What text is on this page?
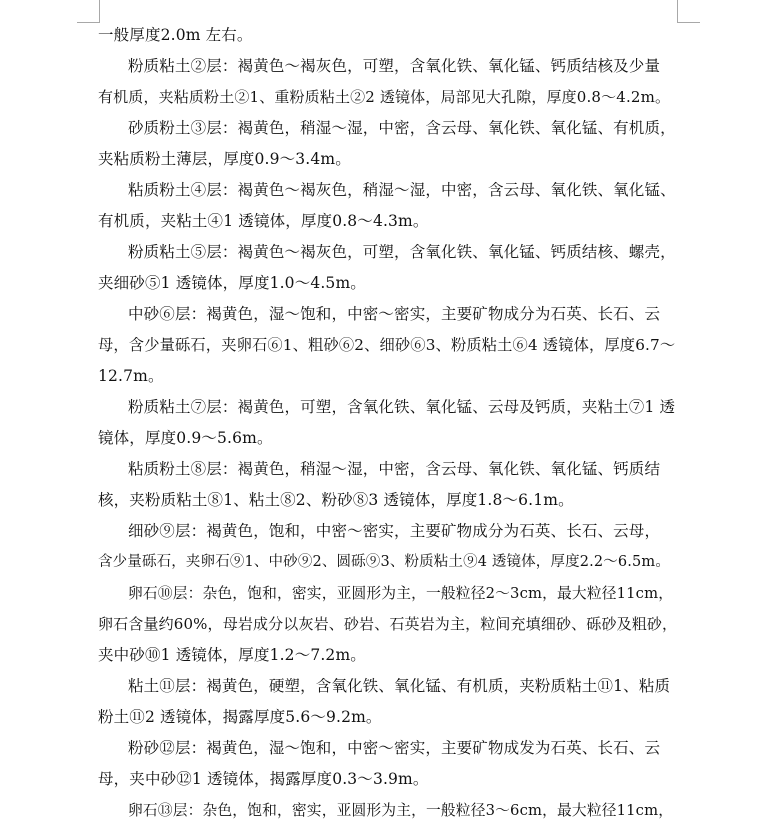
一般厚度2.0m 左右。
粉质粘土②层：褐黄色～褐灰色，可塑，含氧化铁、氧化锰、钙质结核及少量
有机质，夹粘质粉土②1、重粉质粘土②2 透镜体，局部见大孔隙，厚度0.8～4.2m。
砂质粉土③层：褐黄色，稍湿～湿，中密，含云母、氧化铁、氧化锰、有机质，
夹粘质粉土薄层，厚度0.9～3.4m。
粘质粉土④层：褐黄色～褐灰色，稍湿～湿，中密，含云母、氧化铁、氧化锰、
有机质，夹粘土④1 透镜体，厚度0.8～4.3m。
粉质粘土⑤层：褐黄色～褐灰色，可塑，含氧化铁、氧化锰、钙质结核、螺壳，
夹细砂⑤1 透镜体，厚度1.0～4.5m。
中砂⑥层：褐黄色，湿～饱和，中密～密实，主要矿物成分为石英、长石、云
母，含少量砾石，夹卵石⑥1、粗砂⑥2、细砂⑥3、粉质粘土⑥4 透镜体，厚度6.7～
12.7m。
粉质粘土⑦层：褐黄色，可塑，含氧化铁、氧化锰、云母及钙质，夹粘土⑦1 透
镜体，厚度0.9～5.6m。
粘质粉土⑧层：褐黄色，稍湿～湿，中密，含云母、氧化铁、氧化锰、钙质结
核，夹粉质粘土⑧1、粘土⑧2、粉砂⑧3 透镜体，厚度1.8～6.1m。
细砂⑨层：褐黄色，饱和，中密～密实，主要矿物成分为石英、长石、云母，
含少量砾石，夹卵石⑨1、中砂⑨2、圆砾⑨3、粉质粘土⑨4 透镜体，厚度2.2～6.5m。
卵石⑩层：杂色，饱和，密实，亚圆形为主，一般粒径2～3cm，最大粒径11cm，
卵石含量约60%，母岩成分以灰岩、砂岩、石英岩为主，粒间充填细砂、砾砂及粗砂，
夹中砂⑩1 透镜体，厚度1.2～7.2m。
粘土⑪层：褐黄色，硬塑，含氧化铁、氧化锰、有机质，夹粉质粘土⑪1、粘质
粉土⑪2 透镜体，揭露厚度5.6～9.2m。
粉砂⑫层：褐黄色，湿～饱和，中密～密实，主要矿物成发为石英、长石、云
母，夹中砂⑫1 透镜体，揭露厚度0.3～3.9m。
卵石⑬层：杂色，饱和，密实，亚圆形为主，一般粒径3～6cm，最大粒径11cm，
